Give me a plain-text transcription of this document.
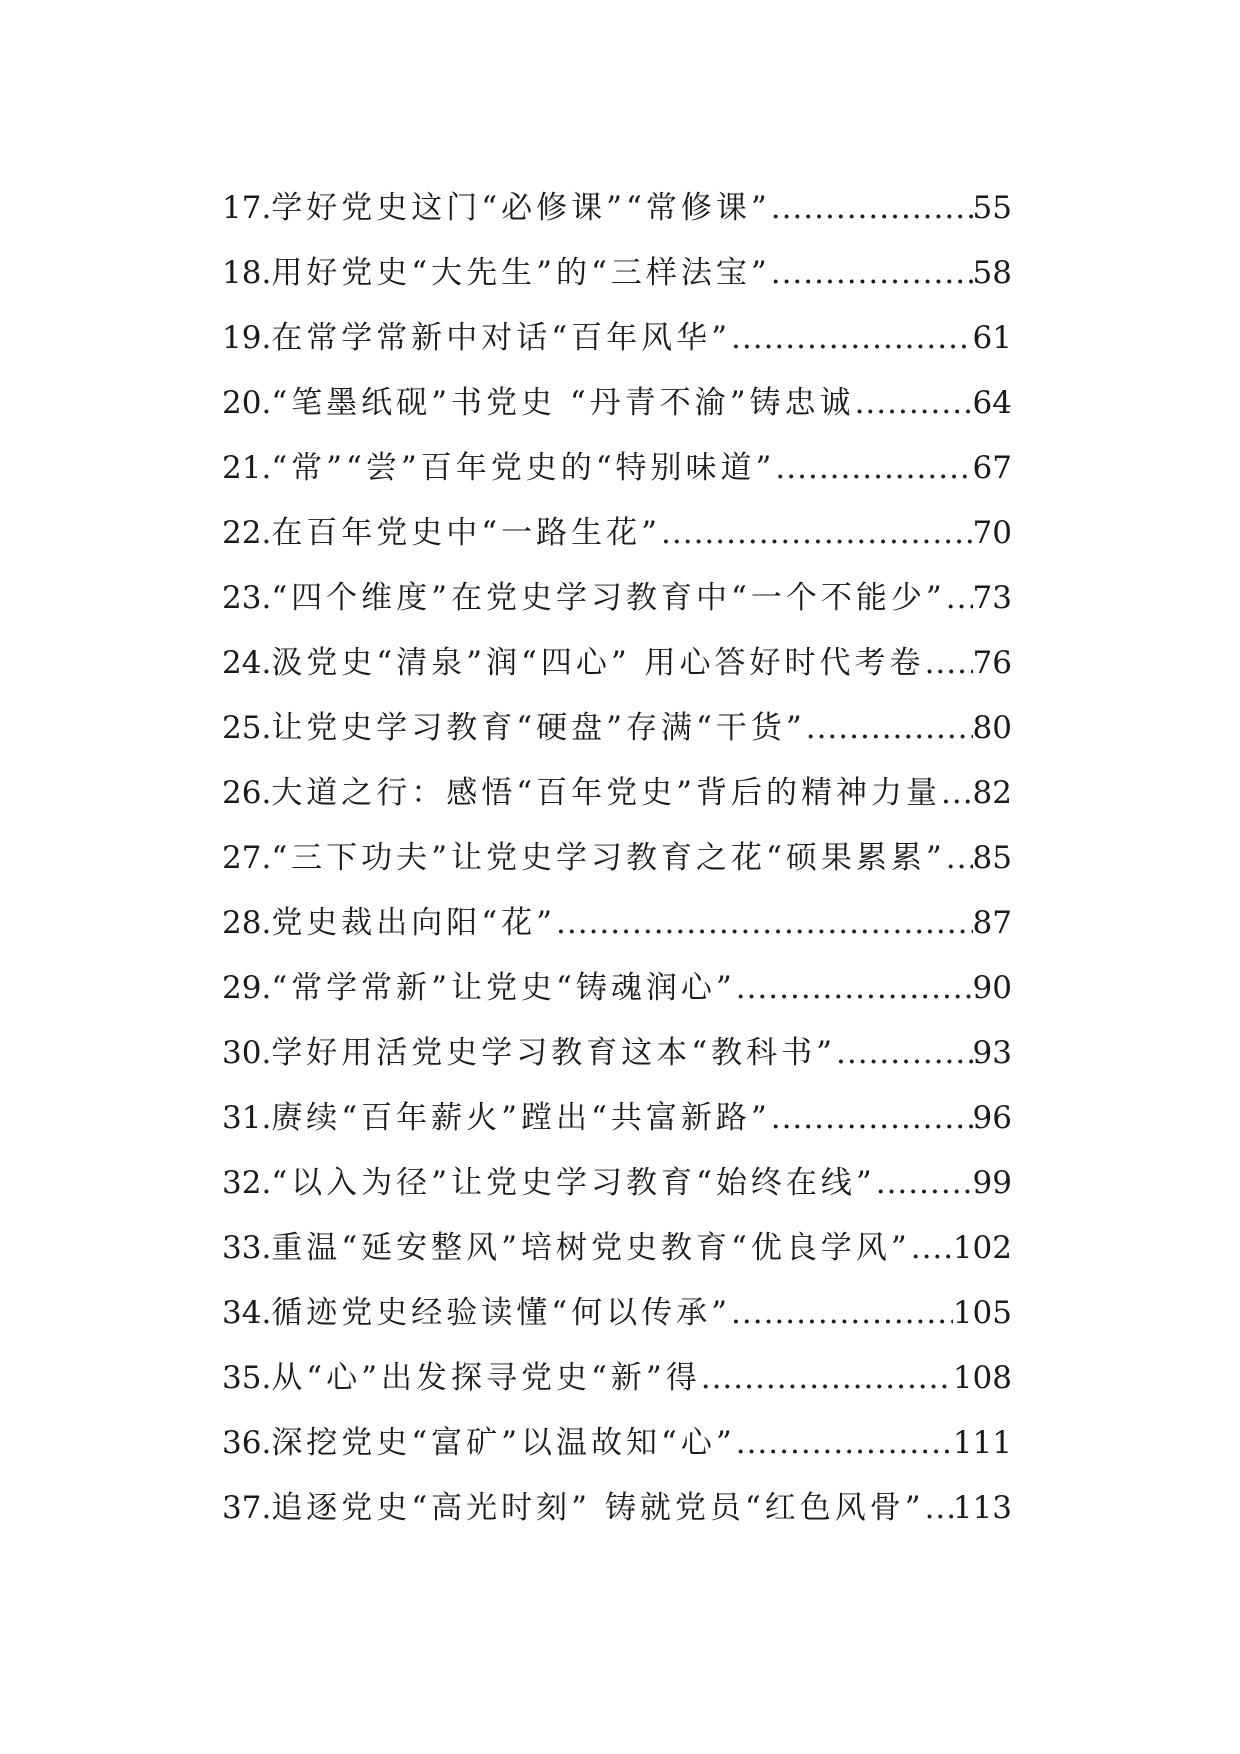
17. 学好党史这门“必修课”“常修课” .....	55
18. 用好党史“大先生”的“三样法宝” .....	58
19. 在常学常新中对话“百年风华” .....	61
20. “笔墨纸砚”书党史 “丹青不渝”铸忠诚 .....	64
21. “常”“尝”百年党史的“特别味道” .....	67
22. 在百年党史中“一路生花” .....	70
23. “四个维度”在党史学习教育中“一个不能少” ..... 73
24. 汲党史“清泉”润“四心” 用心答好时代考卷 ..... 76
25. 让党史学习教育“硬盘”存满“干货” .....	80
26. 大道之行：感悟“百年党史”背后的精神力量 ..... 82
27. “三下功夫”让党史学习教育之花“硕果累累” ..... 85
28. 党史裁出向阳“花” .....	87
29. “常学常新”让党史“铸魂润心” .....	90
30. 学好用活党史学习教育这本“教科书” .....	93
31. 赓续“百年薪火”蹚出“共富新路” .....	96
32. “以入为径”让党史学习教育“始终在线” .....	99
33. 重温“延安整风”培树党史教育“优良学风” ..... 102
34. 循迹党史经验读懂“何以传承” .....	105
35. 从“心”出发探寻党史“新”得 .....	108
36. 深挖党史“富矿”以温故知“心” .....	111
37. 追逐党史“高光时刻” 铸就党员“红色风骨” ..... 113
